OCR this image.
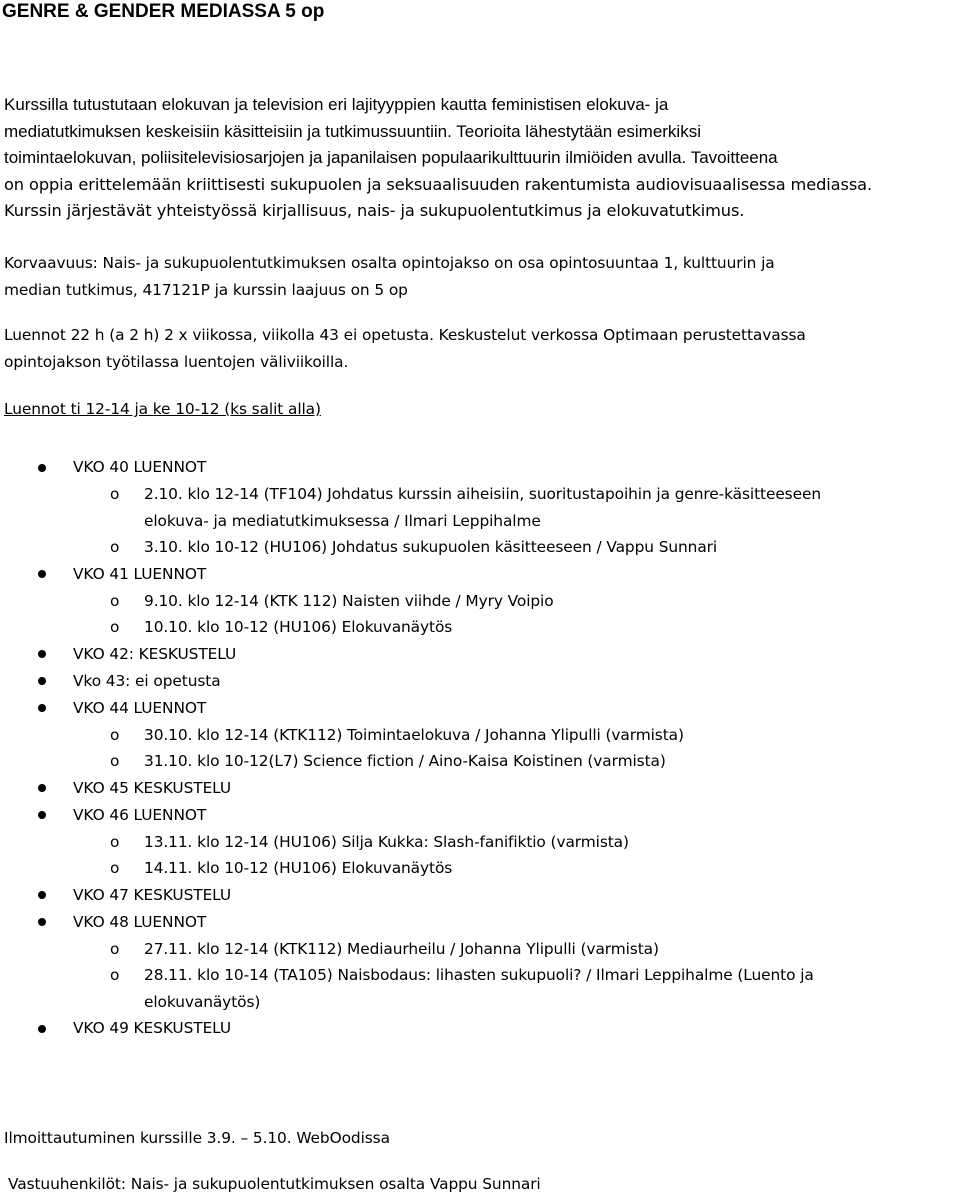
GENRE & GENDER MEDIASSA 5 op
Kurssilla tutustutaan elokuvan ja television eri lajityyppien kautta feministisen elokuva- ja
mediatutkimuksen keskeisiin käsitteisiin ja tutkimussuuntiin. Teorioita lähestytään esimerkiksi
toimintaelokuvan, poliisitelevisiosarjojen ja japanilaisen populaarikulttuurin ilmiöiden avulla. Tavoitteena
on oppia erittelemään kriittisesti sukupuolen ja seksuaalisuuden rakentumista audiovisuaalisessa mediassa.
Kurssin järjestävät yhteistyössä kirjallisuus, nais- ja sukupuolentutkimus ja elokuvatutkimus.
Korvaavuus: Nais- ja sukupuolentutkimuksen osalta opintojakso on osa opintosuuntaa 1, kulttuurin ja
median tutkimus, 417121P ja kurssin laajuus on 5 op
Luennot 22 h (a 2 h) 2 x viikossa, viikolla 43 ei opetusta. Keskustelut verkossa Optimaan perustettavassa
opintojakson työtilassa luentojen väliviikoilla.
Luennot ti 12-14 ja ke 10-12 (ks salit alla)
VKO 40 LUENNOT
o 2.10. klo 12-14 (TF104) Johdatus kurssin aiheisiin, suoritustapoihin ja genre-käsitteeseen
elokuva- ja mediatutkimuksessa / Ilmari Leppihalme
o 3.10. klo 10-12 (HU106) Johdatus sukupuolen käsitteeseen / Vappu Sunnari
VKO 41 LUENNOT
o 9.10. klo 12-14 (KTK 112) Naisten viihde / Myry Voipio
o 10.10. klo 10-12 (HU106) Elokuvanäytös
VKO 42: KESKUSTELU
Vko 43: ei opetusta
VKO 44 LUENNOT
o 30.10. klo 12-14 (KTK112) Toimintaelokuva / Johanna Ylipulli (varmista)
o 31.10. klo 10-12(L7) Science fiction / Aino-Kaisa Koistinen (varmista)
VKO 45 KESKUSTELU
VKO 46 LUENNOT
o 13.11. klo 12-14 (HU106) Silja Kukka: Slash-fanifiktio (varmista)
o 14.11. klo 10-12 (HU106) Elokuvanäytös
VKO 47 KESKUSTELU
VKO 48 LUENNOT
o 27.11. klo 12-14 (KTK112) Mediaurheilu / Johanna Ylipulli (varmista)
o 28.11. klo 10-14 (TA105) Naisbodaus: lihasten sukupuoli? / Ilmari Leppihalme (Luento ja
elokuvanäytös)
VKO 49 KESKUSTELU
Ilmoittautuminen kurssille 3.9. – 5.10. WebOodissa
Vastuuhenkilöt: Nais- ja sukupuolentutkimuksen osalta Vappu Sunnari
